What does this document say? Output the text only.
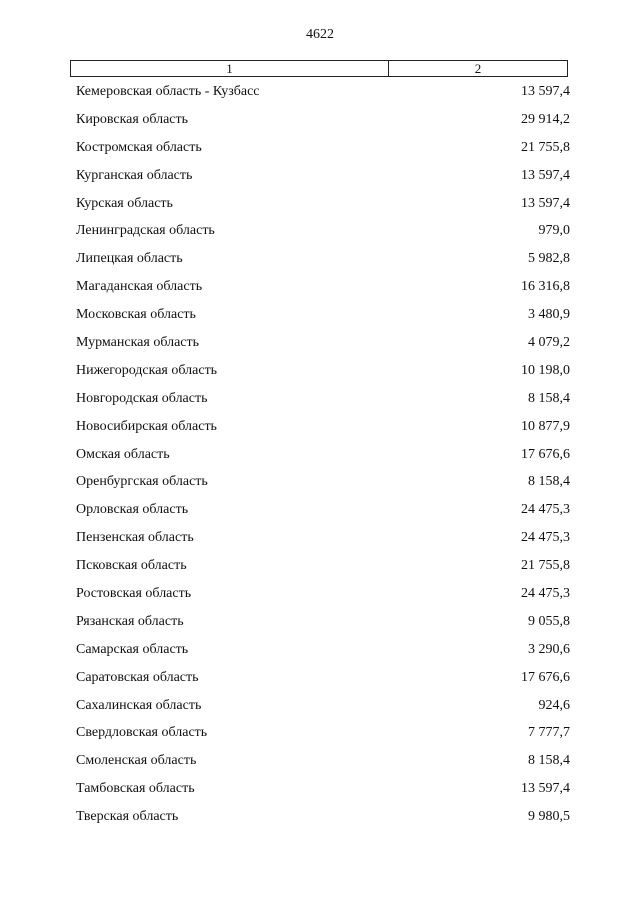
4622
1	2
Кемеровская область - Кузбасс	13 597,4
Кировская область	29 914,2
Костромская область	21 755,8
Курганская область	13 597,4
Курская область	13 597,4
Ленинградская область	979,0
Липецкая область	5 982,8
Магаданская область	16 316,8
Московская область	3 480,9
Мурманская область	4 079,2
Нижегородская область	10 198,0
Новгородская область	8 158,4
Новосибирская область	10 877,9
Омская область	17 676,6
Оренбургская область	8 158,4
Орловская область	24 475,3
Пензенская область	24 475,3
Псковская область	21 755,8
Ростовская область	24 475,3
Рязанская область	9 055,8
Самарская область	3 290,6
Саратовская область	17 676,6
Сахалинская область	924,6
Свердловская область	7 777,7
Смоленская область	8 158,4
Тамбовская область	13 597,4
Тверская область	9 980,5
